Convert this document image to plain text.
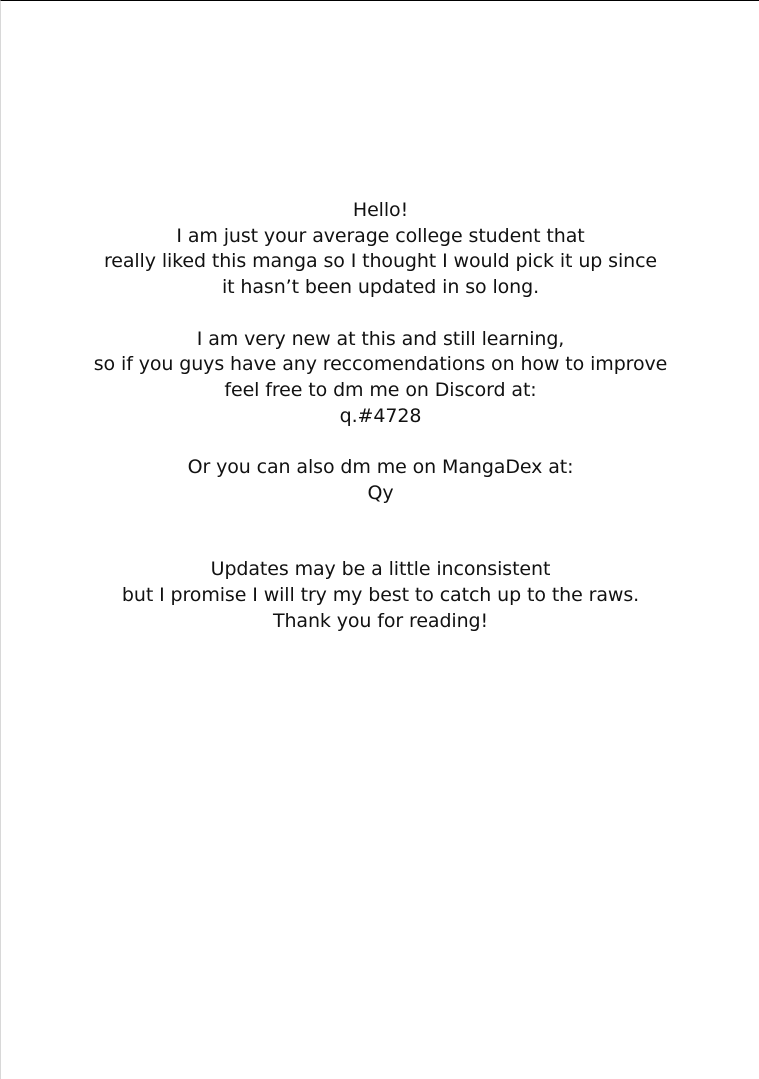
Hello!
I am just your average college student that
really liked this manga so I thought I would pick it up since
it hasn’t been updated in so long.
I am very new at this and still learning,
so if you guys have any reccomendations on how to improve
feel free to dm me on Discord at:
q.#4728
Or you can also dm me on MangaDex at:
Qy
Updates may be a little inconsistent
but I promise I will try my best to catch up to the raws.
Thank you for reading!
